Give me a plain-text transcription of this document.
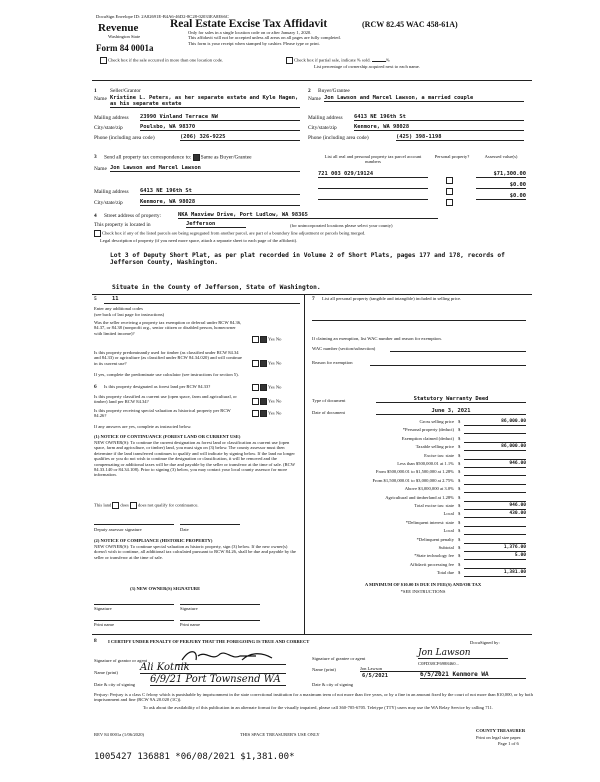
DocuSign Envelope ID: 2A82691E-B4A6-46D2-8C28-02033EA8E66C
Revenue
Washington State
Form 84 0001a
Real Estate Excise Tax Affidavit	(RCW 82.45 WAC 458-61A)
Only for sales in a single location code on or after January 1, 2020.
This affidavit will not be accepted unless all areas on all pages are fully completed.
This form is your receipt when stamped by cashier. Please type or print.
Check box if the sale occurred in more than one location code.	Check box if partial sale, indicate % sold.	%
List percentage of ownership acquired next to each name.
1 Seller/Grantor
Name Kristine L. Peters, as her separate estate and Kyle Hagen, as his separate estate
Mailing address 23990 Vinland Terrace NW
City/state/zip	Poulsbo, WA 98370
Phone (including area code)	(206) 326-9225
2 Buyer/Grantee
Name Jon Lawson and Marcel Lawson, a married couple
Mailing address 6413 NE 196th St
City/state/zip	Kenmore, WA 98028
Phone (including area code)	(425) 398-1198
3 Send all property tax correspondence to: Same as Buyer/Grantee
Name Jon Lawson and Marcel Lawson
Mailing address 6413 NE 196th St
City/state/zip	Kenmore, WA 98028
List all real and personal property tax parcel account numbers
Personal property?	Assessed value(s)
721 003 029/19124	$71,300.00
$0.00
$0.00
4 Street address of property:	NKA Maxview Drive, Port Ludlow, WA 98365
This property is located in	Jefferson	(for unincorporated locations please select your county)
Check box if any of the listed parcels are being segregated from another parcel, are part of a boundary line adjustment or parcels being merged.
Legal description of property (if you need more space, attach a separate sheet to each page of the affidavit).
Lot 3 of Deputy Short Plat, as per plat recorded in Volume 2 of Short Plats, pages 177 and 178, records of Jefferson County, Washington.
Situate in the County of Jefferson, State of Washington.
5	11
Enter any additional codes
(see back of last page for instructions)
Was the seller receiving a property tax exemption or deferral under RCW 84.36, 84.37, or 84.38 (nonprofit org., senior citizen or disabled person, homeowner with limited income)?
Yes No
Is this property predominantly used for timber (as classified under RCW 84.34 and 84.33) or agriculture (as classified under RCW 84.34.020) and will continue in its current use?	Yes No
If yes, complete the predominate use calculator (see instructions for section 5).
6 Is this property designated as forest land per RCW 84.33?	Yes No
Is this property classified as current use (open space, farm and agricultural, or timber) land per RCW 84.34?	Yes No
Is this property receiving special valuation as historical property per RCW 84.26?
Yes No
If any answers are yes, complete as instructed below.
(1) NOTICE OF CONTINUANCE (FOREST LAND OR CURRENT USE)
NEW OWNER(S): To continue the current designation as forest land or classification as current use (open space, farm and agriculture, or timber) land, you must sign on (3) below. The county assessor must then determine if the land transferred continues to qualify and will indicate by signing below. If the land no longer qualifies or you do not wish to continue the designation or classification, it will be removed and the compensating or additional taxes will be due and payable by the seller or transferor at the time of sale. (RCW 84.33.140 or 84.34.108). Prior to signing (3) below, you may contact your local county assessor for more information.
This land does does not qualify for continuance.
Deputy assessor signature	Date
(2) NOTICE OF COMPLIANCE (HISTORIC PROPERTY)
NEW OWNER(S): To continue special valuation as historic property, sign (3) below. If the new owner(s) doesn't wish to continue, all additional tax calculated pursuant to RCW 84.26, shall be due and payable by the seller or transferor at the time of sale.
(3) NEW OWNER(S) SIGNATURE
Signature	Signature
Print name	Print name
7 List all personal property (tangible and intangible) included in selling price.
If claiming an exemption, list WAC number and reason for exemption.
WAC number (section/subsection)
Reason for exemption
Type of document	Statutory Warranty Deed
Date of document	June 3, 2021
Gross selling price $	86,000.00
*Personal property (deduct) $
Exemption claimed (deduct) $
Taxable selling price $	86,000.00
Excise tax: state $
Less than $500,000.01 at 1.1% $	946.00
From $500,000.01 to $1,500,000 at 1.28% $
From $1,500,000.01 to $3,000,000 at 2.75% $
Above $3,000,000 at 3.0% $
Agricultural and timberland at 1.28% $
Total excise tax: state $	946.00
Local $	430.00
*Delinquent interest: state $
Local $
*Delinquent penalty $
Subtotal $	1,376.00
*State technology fee $	5.00
Affidavit processing fee $
Total due $	1,381.00
A MINIMUM OF $10.00 IS DUE IN FEE(S) AND/OR TAX
*SEE INSTRUCTIONS
8 I CERTIFY UNDER PENALTY OF PERJURY THAT THE FOREGOING IS TRUE AND CORRECT
Signature of grantor or agent
Name (print) Ali Kotnik
Date & city of signing 6/9/21 Port Townsend WA
DocuSigned by:
Signature of grantee or agent
Jon Lawson
C0FD38CF6988460...
Name (print)	Jon Lawson
6/5/2021
Date & city of signing
6/5/2021 Kenmore WA
Perjury: Perjury is a class C felony which is punishable by imprisonment in the state correctional institution for a maximum term of not more than five years, or by a fine in an amount fixed by the court of not more than $10,000, or by both imprisonment and fine (RCW 9A.20.020 (1C)).
To ask about the availability of this publication in an alternate format for the visually impaired, please call 360-705-6705. Teletype (TTY) users may use the WA Relay Service by calling 711.
REV 84 0001a (1/06/2020)	THIS SPACE TREASURER'S USE ONLY
COUNTY TREASURER
Print on legal size paper.
Page 1 of 6
1005427 136881 *06/08/2021 $1,381.00*
